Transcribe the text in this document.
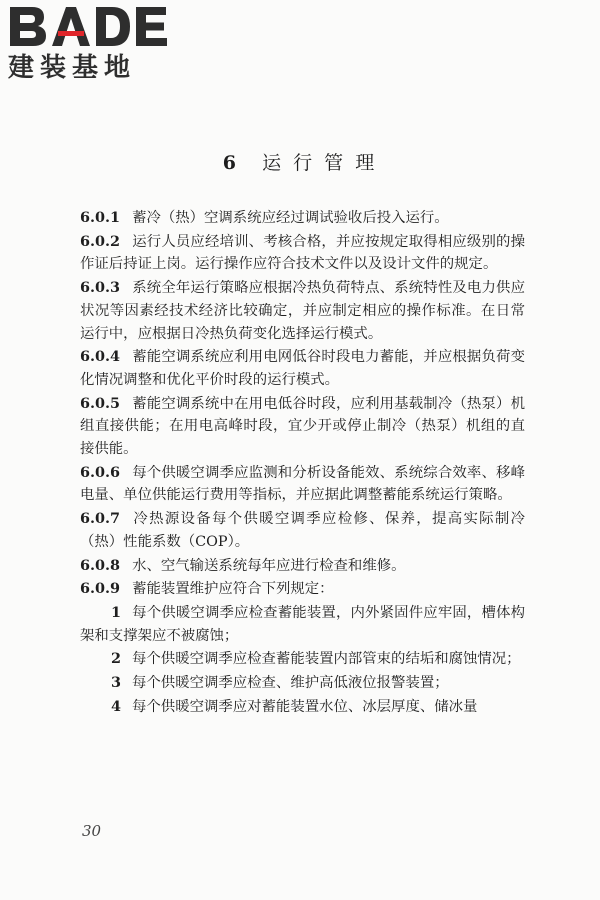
建装基地
6 运 行 管 理

6.0.1 蓄冷（热）空调系统应经过调试验收后投入运行。

6.0.2 运行人员应经培训、考核合格，并应按规定取得相应级别的操作证后持证上岗。运行操作应符合技术文件以及设计文件的规定。

6.0.3 系统全年运行策略应根据冷热负荷特点、系统特性及电力供应状况等因素经技术经济比较确定，并应制定相应的操作标准。在日常运行中，应根据日冷热负荷变化选择运行模式。

6.0.4 蓄能空调系统应利用电网低谷时段电力蓄能，并应根据负荷变化情况调整和优化平价时段的运行模式。

6.0.5 蓄能空调系统中在用电低谷时段，应利用基载制冷（热泵）机组直接供能；在用电高峰时段，宜少开或停止制冷（热泵）机组的直接供能。

6.0.6 每个供暖空调季应监测和分析设备能效、系统综合效率、移峰电量、单位供能运行费用等指标，并应据此调整蓄能系统运行策略。

6.0.7 冷热源设备每个供暖空调季应检修、保养，提高实际制冷（热）性能系数（COP）。

6.0.8 水、空气输送系统每年应进行检查和维修。

6.0.9 蓄能装置维护应符合下列规定：

1 每个供暖空调季应检查蓄能装置，内外紧固件应牢固，槽体构架和支撑架应不被腐蚀；

2 每个供暖空调季应检查蓄能装置内部管束的结垢和腐蚀情况；

3 每个供暖空调季应检查、维护高低液位报警装置；

4 每个供暖空调季应对蓄能装置水位、冰层厚度、储冰量

30
